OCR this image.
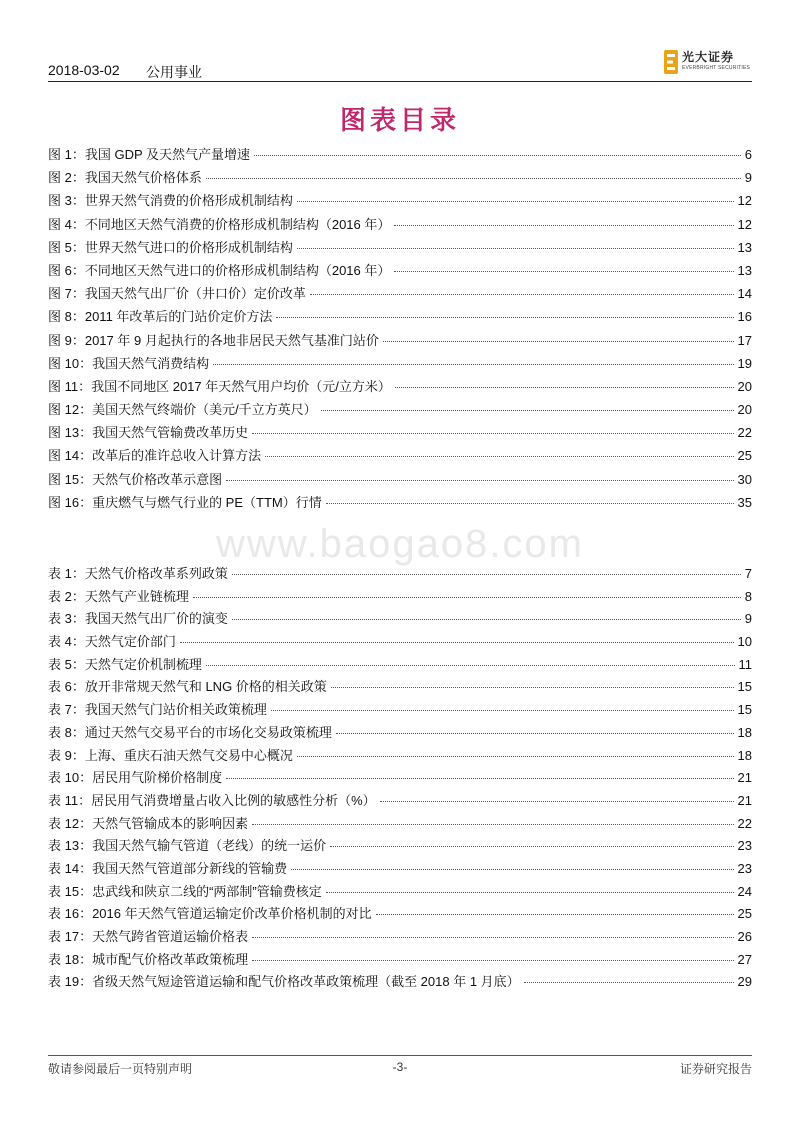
2018-03-02 公用事业
光大证券
EVERBRIGHT SECURITIES
图表目录
www.baogao8.com
图 1：我国 GDP 及天然气产量增速	6
图 2：我国天然气价格体系	9
图 3：世界天然气消费的价格形成机制结构	12
图 4：不同地区天然气消费的价格形成机制结构（2016 年）	12
图 5：世界天然气进口的价格形成机制结构	13
图 6：不同地区天然气进口的价格形成机制结构（2016 年）	13
图 7：我国天然气出厂价（井口价）定价改革	14
图 8：2011 年改革后的门站价定价方法	16
图 9：2017 年 9 月起执行的各地非居民天然气基准门站价	17
图 10：我国天然气消费结构	19
图 11：我国不同地区 2017 年天然气用户均价（元/立方米）	20
图 12：美国天然气终端价（美元/千立方英尺）	20
图 13：我国天然气管输费改革历史	22
图 14：改革后的准许总收入计算方法	25
图 15：天然气价格改革示意图	30
图 16：重庆燃气与燃气行业的 PE（TTM）行情	35
表 1：天然气价格改革系列政策	7
表 2：天然气产业链梳理	8
表 3：我国天然气出厂价的演变	9
表 4：天然气定价部门	10
表 5：天然气定价机制梳理	11
表 6：放开非常规天然气和 LNG 价格的相关政策	15
表 7：我国天然气门站价相关政策梳理	15
表 8：通过天然气交易平台的市场化交易政策梳理	18
表 9：上海、重庆石油天然气交易中心概况	18
表 10：居民用气阶梯价格制度	21
表 11：居民用气消费增量占收入比例的敏感性分析（%）	21
表 12：天然气管输成本的影响因素	22
表 13：我国天然气输气管道（老线）的统一运价	23
表 14：我国天然气管道部分新线的管输费	23
表 15：忠武线和陕京二线的“两部制”管输费核定	24
表 16：2016 年天然气管道运输定价改革价格机制的对比	25
表 17：天然气跨省管道运输价格表	26
表 18：城市配气价格改革政策梳理	27
表 19：省级天然气短途管道运输和配气价格改革政策梳理（截至 2018 年 1 月底）	29
敬请参阅最后一页特别声明	-3-	证券研究报告
